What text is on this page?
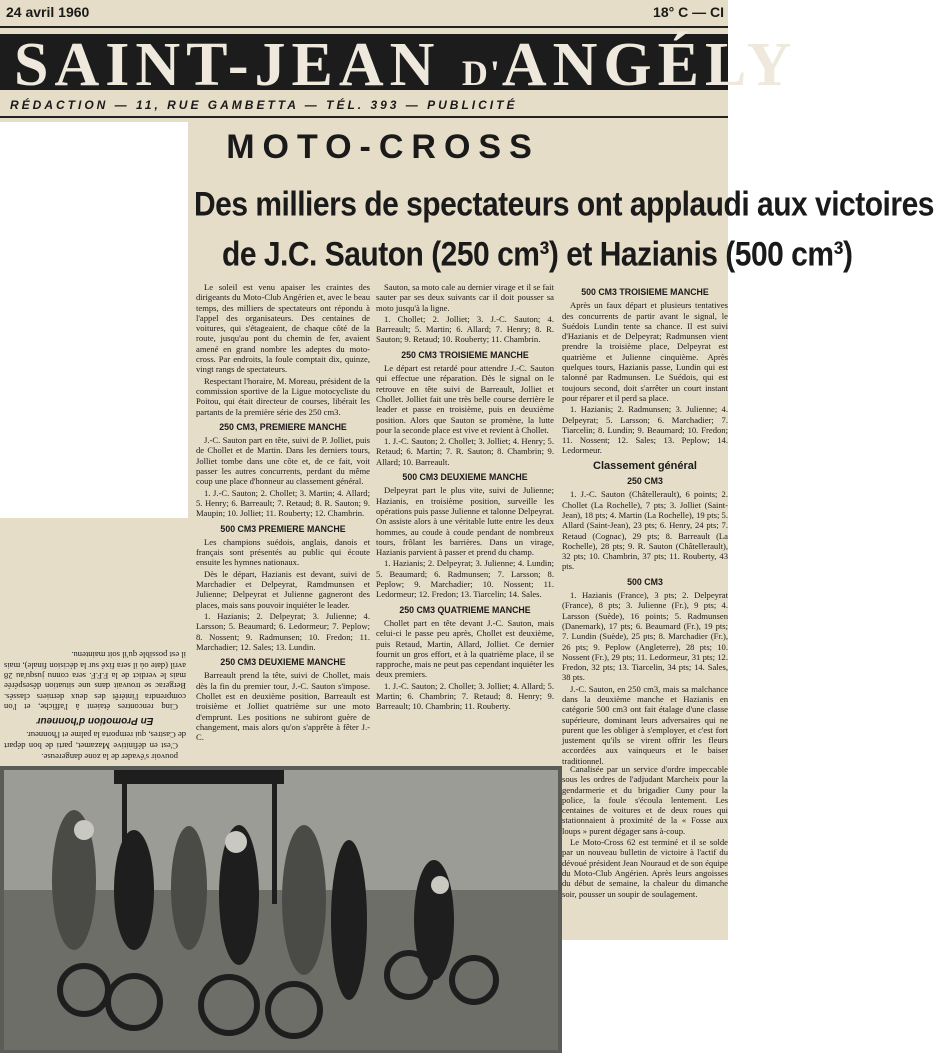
24 avril 1960	18° C — CI
SAINT-JEAN D'ANGÉLY
RÉDACTION — 11, RUE GAMBETTA — TÉL. 393 — PUBLICITÉ
MOTO-CROSS
Des milliers de spectateurs ont applaudi aux victoires
de J.C. Sauton (250 cm³) et Hazianis (500 cm³)

Le soleil est venu apaiser les craintes des dirigeants du Moto-Club Angérien et, avec le beau temps, des milliers de spectateurs ont répondu à l'appel des organisateurs. Des centaines de voitures, qui s'étageaient, de chaque côté de la route, jusqu'au pont du chemin de fer, avaient amené en grand nombre les adeptes du moto-cross. Par endroits, la foule comptait dix, quinze, vingt rangs de spectateurs.

Respectant l'horaire, M. Moreau, président de la commission sportive de la Ligue motocycliste du Poitou, qui était directeur de courses, libérait les partants de la première série des 250 cm3.

250 CM3, PREMIERE MANCHE

J.-C. Sauton part en tête, suivi de P. Jolliet, puis de Chollet et de Martin. Dans les derniers tours, Jolliet tombe dans une côte et, de ce fait, voit passer les autres concurrents, perdant du même coup une place d'honneur au classement général.

1. J.-C. Sauton; 2. Chollet; 3. Martin; 4. Allard; 5. Henry; 6. Barreault; 7. Retaud; 8. R. Sauton; 9. Maupin; 10. Jolliet; 11. Rouberty; 12. Chambrin.

500 CM3 PREMIERE MANCHE

Les champions suédois, anglais, danois et français sont présentés au public qui écoute ensuite les hymnes nationaux.

Dès le départ, Hazianis est devant, suivi de Marchadier et Delpeyrat, Ramdmunsen et Julienne; Delpeyrat et Julienne gagneront des places, mais sans pouvoir inquiéter le leader.

1. Hazianis; 2. Delpeyrat; 3. Julienne; 4. Larsson; 5. Beaumard; 6. Ledormeur; 7. Peplow; 8. Nossent; 9. Radmunsen; 10. Fredon; 11. Marchadier; 12. Sales; 13. Lundin.

250 CM3 DEUXIEME MANCHE

Barreault prend la tête, suivi de Chollet, mais dès la fin du premier tour, J.-C. Sauton s'impose. Chollet est en deuxième position, Barreault est troisième et Jolliet quatrième sur une moto d'emprunt. Les positions ne subiront guère de changement, mais alors qu'on s'apprête à fêter J.-C.

Sauton, sa moto cale au dernier virage et il se fait sauter par ses deux suivants car il doit pousser sa moto jusqu'à la ligne.

1. Chollet; 2. Jolliet; 3. J.-C. Sauton; 4. Barreault; 5. Martin; 6. Allard; 7. Henry; 8. R. Sauton; 9. Retaud; 10. Rouberty; 11. Chambrin.

250 CM3 TROISIEME MANCHE

Le départ est retardé pour attendre J.-C. Sauton qui effectue une réparation. Dès le signal on le retrouve en tête suivi de Barreault, Jolliet et Chollet. Jolliet fait une très belle course derrière le leader et passe en troisième, puis en deuxième position. Alors que Sauton se promène, la lutte pour la seconde place est vive et revient à Chollet.

1. J.-C. Sauton; 2. Chollet; 3. Jolliet; 4. Henry; 5. Retaud; 6. Martin; 7. R. Sauton; 8. Chambrin; 9. Allard; 10. Barreault.

500 CM3 DEUXIEME MANCHE

Delpeyrat part le plus vite, suivi de Julienne; Hazianis, en troisième position, surveille les opérations puis passe Julienne et talonne Delpeyrat. On assiste alors à une véritable lutte entre les deux hommes, au coude à coude pendant de nombreux tours, frôlant les barrières. Dans un virage, Hazianis parvient à passer et prend du champ.

1. Hazianis; 2. Delpeyrat; 3. Julienne; 4. Lundin; 5. Beaumard; 6. Radmunsen; 7. Larsson; 8. Peplow; 9. Marchadier; 10. Nossent; 11. Ledormeur; 12. Fredon; 13. Tiarcelin; 14. Sales.

250 CM3 QUATRIEME MANCHE

Chollet part en tête devant J.-C. Sauton, mais celui-ci le passe peu après, Chollet est deuxième, puis Retaud, Martin, Allard, Jolliet. Ce dernier fournit un gros effort, et à la quatrième place, il se rapproche, mais ne peut pas cependant inquiéter les deux premiers.

1. J.-C. Sauton; 2. Chollet; 3. Jolliet; 4. Allard; 5. Martin; 6. Chambrin; 7. Retaud; 8. Henry; 9. Barreault; 10. Chambrin; 11. Rouberty.

500 CM3 TROISIEME MANCHE

Après un faux départ et plusieurs tentatives des concurrents de partir avant le signal, le Suédois Lundin tente sa chance. Il est suivi d'Hazianis et de Delpeyrat; Radmunsen vient prendre la troisième place, Delpeyrat est quatrième et Julienne cinquième. Après quelques tours, Hazianis passe, Lundin qui est talonné par Radmunsen. Le Suédois, qui est toujours second, doit s'arrêter un court instant pour réparer et il perd sa place.

1. Hazianis; 2. Radmunsen; 3. Julienne; 4. Delpeyrat; 5. Larsson; 6. Marchadier; 7. Tiarcelin; 8. Lundin; 9. Beaumard; 10. Fredon; 11. Nossent; 12. Sales; 13. Peplow; 14. Ledormeur.

Classement général
250 CM3

1. J.-C. Sauton (Châtellerault), 6 points; 2. Chollet (La Rochelle), 7 pts; 3. Jolliet (Saint-Jean), 18 pts; 4. Martin (La Rochelle), 19 pts; 5. Allard (Saint-Jean), 23 pts; 6. Henry, 24 pts; 7. Retaud (Cognac), 29 pts; 8. Barreault (La Rochelle), 28 pts; 9. R. Sauton (Châtellerault), 32 pts; 10. Chambrin, 37 pts; 11. Rouberty, 43 pts.

500 CM3

1. Hazianis (France), 3 pts; 2. Delpeyrat (France), 8 pts; 3. Julienne (Fr.), 9 pts; 4. Larsson (Suède), 16 points; 5. Radmunsen (Danemark), 17 pts; 6. Beaumard (Fr.), 19 pts; 7. Lundin (Suède), 25 pts; 8. Marchadier (Fr.), 26 pts; 9. Peplow (Angleterre), 28 pts; 10. Nossent (Fr.), 29 pts; 11. Ledormeur, 31 pts; 12. Fredon, 32 pts; 13. Tiarcelin, 34 pts; 14. Sales, 38 pts.

J.-C. Sauton, en 250 cm3, mais sa malchance dans la deuxième manche et Hazianis en catégorie 500 cm3 ont fait étalage d'une classe supérieure, dominant leurs adversaires qui ne purent que les obliger à s'employer, et c'est fort justement qu'ils se virent offrir les fleurs accordées aux vainqueurs et le baiser traditionnel.

Canalisée par un service d'ordre impeccable sous les ordres de l'adjudant Marcheix pour la gendarmerie et du brigadier Cuny pour la police, la foule s'écoula lentement. Les centaines de voitures et de deux roues qui stationnaient à proximité de la « Fosse aux loups » purent dégager sans à-coup.

Le Moto-Cross 62 est terminé et il se solde par un nouveau bulletin de victoire à l'actif du dévoué président Jean Nouraud et de son équipe du Moto-Club Angérien. Après leurs angoisses du début de semaine, la chaleur du dimanche soir, pousser un soupir de soulagement.

pouvoir s'évader de la zone dangereuse.

C'est en définitive Mazamet, parti de bon départ de Castres, qui remporta la palme et l'honneur.

En Promotion d'honneur

Cinq rencontres étaient à l'affiche, et l'on comprendra l'intérêt des deux derniers classés. Bergerac se trouvait dans une situation désespérée mais le verdict de la F.F.F. sera connu jusqu'au 28 avril (date où il sera fixé sur la décision finale), mais il est possible qu'il soit maintenu.
